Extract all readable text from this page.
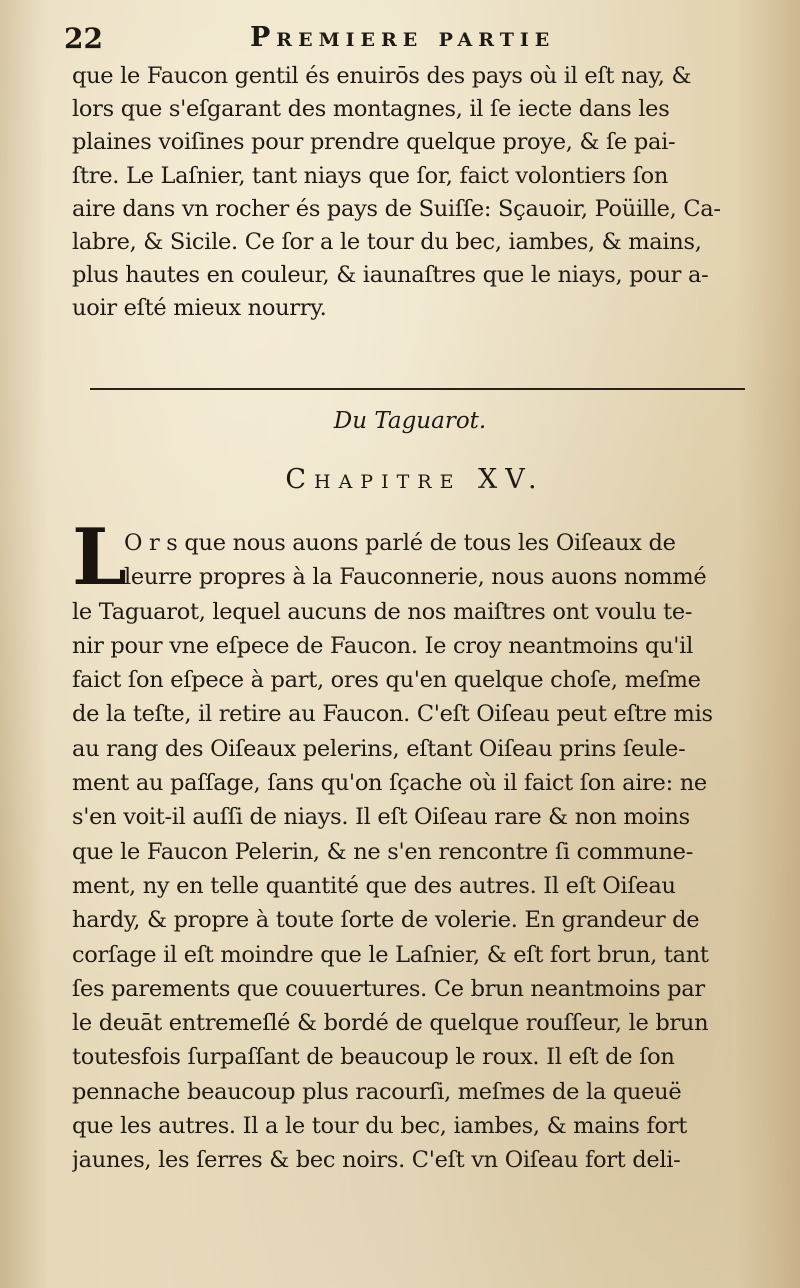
22	Premiere partie
que le Faucon gentil és enuirōs des pays où il eſt nay, &
lors que s'eſgarant des montagnes, il ſe iecte dans les
plaines voiſines pour prendre quelque proye, & ſe pai-
ſtre. Le Laſnier, tant niays que ſor, faict volontiers ſon
aire dans vn rocher és pays de Suiſſe: Sçauoir, Poüille, Ca-
labre, & Sicile. Ce ſor a le tour du bec, iambes, & mains,
plus hautes en couleur, & iaunaſtres que le niays, pour a-
uoir eſté mieux nourry.
Du Taguarot.
Chapitre XV.
L
O r s que nous auons parlé de tous les Oiſeaux de
leurre propres à la Fauconnerie, nous auons nommé
le Taguarot, lequel aucuns de nos maiſtres ont voulu te-
nir pour vne eſpece de Faucon. Ie croy neantmoins qu'il
faict ſon eſpece à part, ores qu'en quelque choſe, meſme
de la teſte, il retire au Faucon. C'eſt Oiſeau peut eſtre mis
au rang des Oiſeaux pelerins, eſtant Oiſeau prins ſeule-
ment au paſſage, ſans qu'on ſçache où il faict ſon aire: ne
s'en voit-il auſſi de niays. Il eſt Oiſeau rare & non moins
que le Faucon Pelerin, & ne s'en rencontre ſi commune-
ment, ny en telle quantité que des autres. Il eſt Oiſeau
hardy, & propre à toute ſorte de volerie. En grandeur de
corſage il eſt moindre que le Laſnier, & eſt fort brun, tant
ſes parements que couuertures. Ce brun neantmoins par
le deuāt entremeſlé & bordé de quelque rouſſeur, le brun
toutesfois ſurpaſſant de beaucoup le roux. Il eſt de ſon
pennache beaucoup plus racourſi, meſmes de la queuë
que les autres. Il a le tour du bec, iambes, & mains fort
jaunes, les ſerres & bec noirs. C'eſt vn Oiſeau fort deli-
